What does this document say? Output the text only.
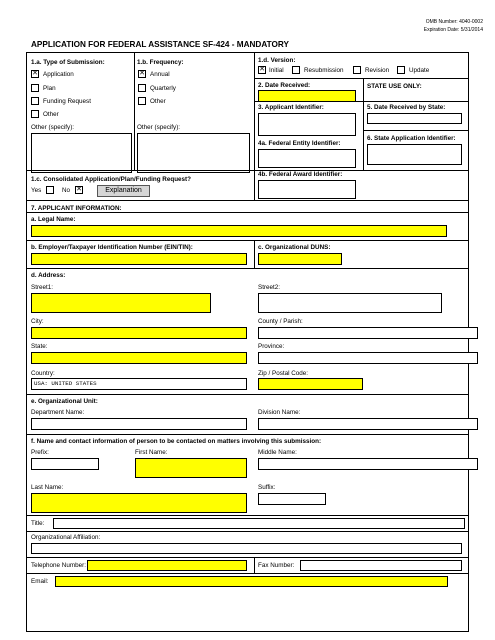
OMB Number: 4040-0002
Expiration Date: 5/31/2014
APPLICATION FOR FEDERAL ASSISTANCE SF-424 - MANDATORY
1.a. Type of Submission:
✕ Application
Plan
Funding Request
Other
Other (specify):
1.b. Frequency:
✕ Annual
Quarterly
Other
Other (specify):
1.c. Consolidated Application/Plan/Funding Request?
Yes	No ✕	Explanation
1.d. Version:
✕ Initial	Resubmission	Revision	Update
2. Date Received:	STATE USE ONLY:
3. Applicant Identifier:	5. Date Received by State:
6. State Application Identifier:
4a. Federal Entity Identifier:
4b. Federal Award Identifier:
7. APPLICANT INFORMATION:
a. Legal Name:
b. Employer/Taxpayer Identification Number (EIN/TIN):	c. Organizational DUNS:
d. Address:
Street1:	Street2:
City:	County / Parish:
State:	Province:
Country:
USA: UNITED STATES
Zip / Postal Code:
e. Organizational Unit:
Department Name:	Division Name:
f. Name and contact information of person to be contacted on matters involving this submission:
Prefix:	First Name:	Middle Name:
Last Name:	Suffix:
Title:
Organizational Affiliation:
Telephone Number:	Fax Number:
Email:
